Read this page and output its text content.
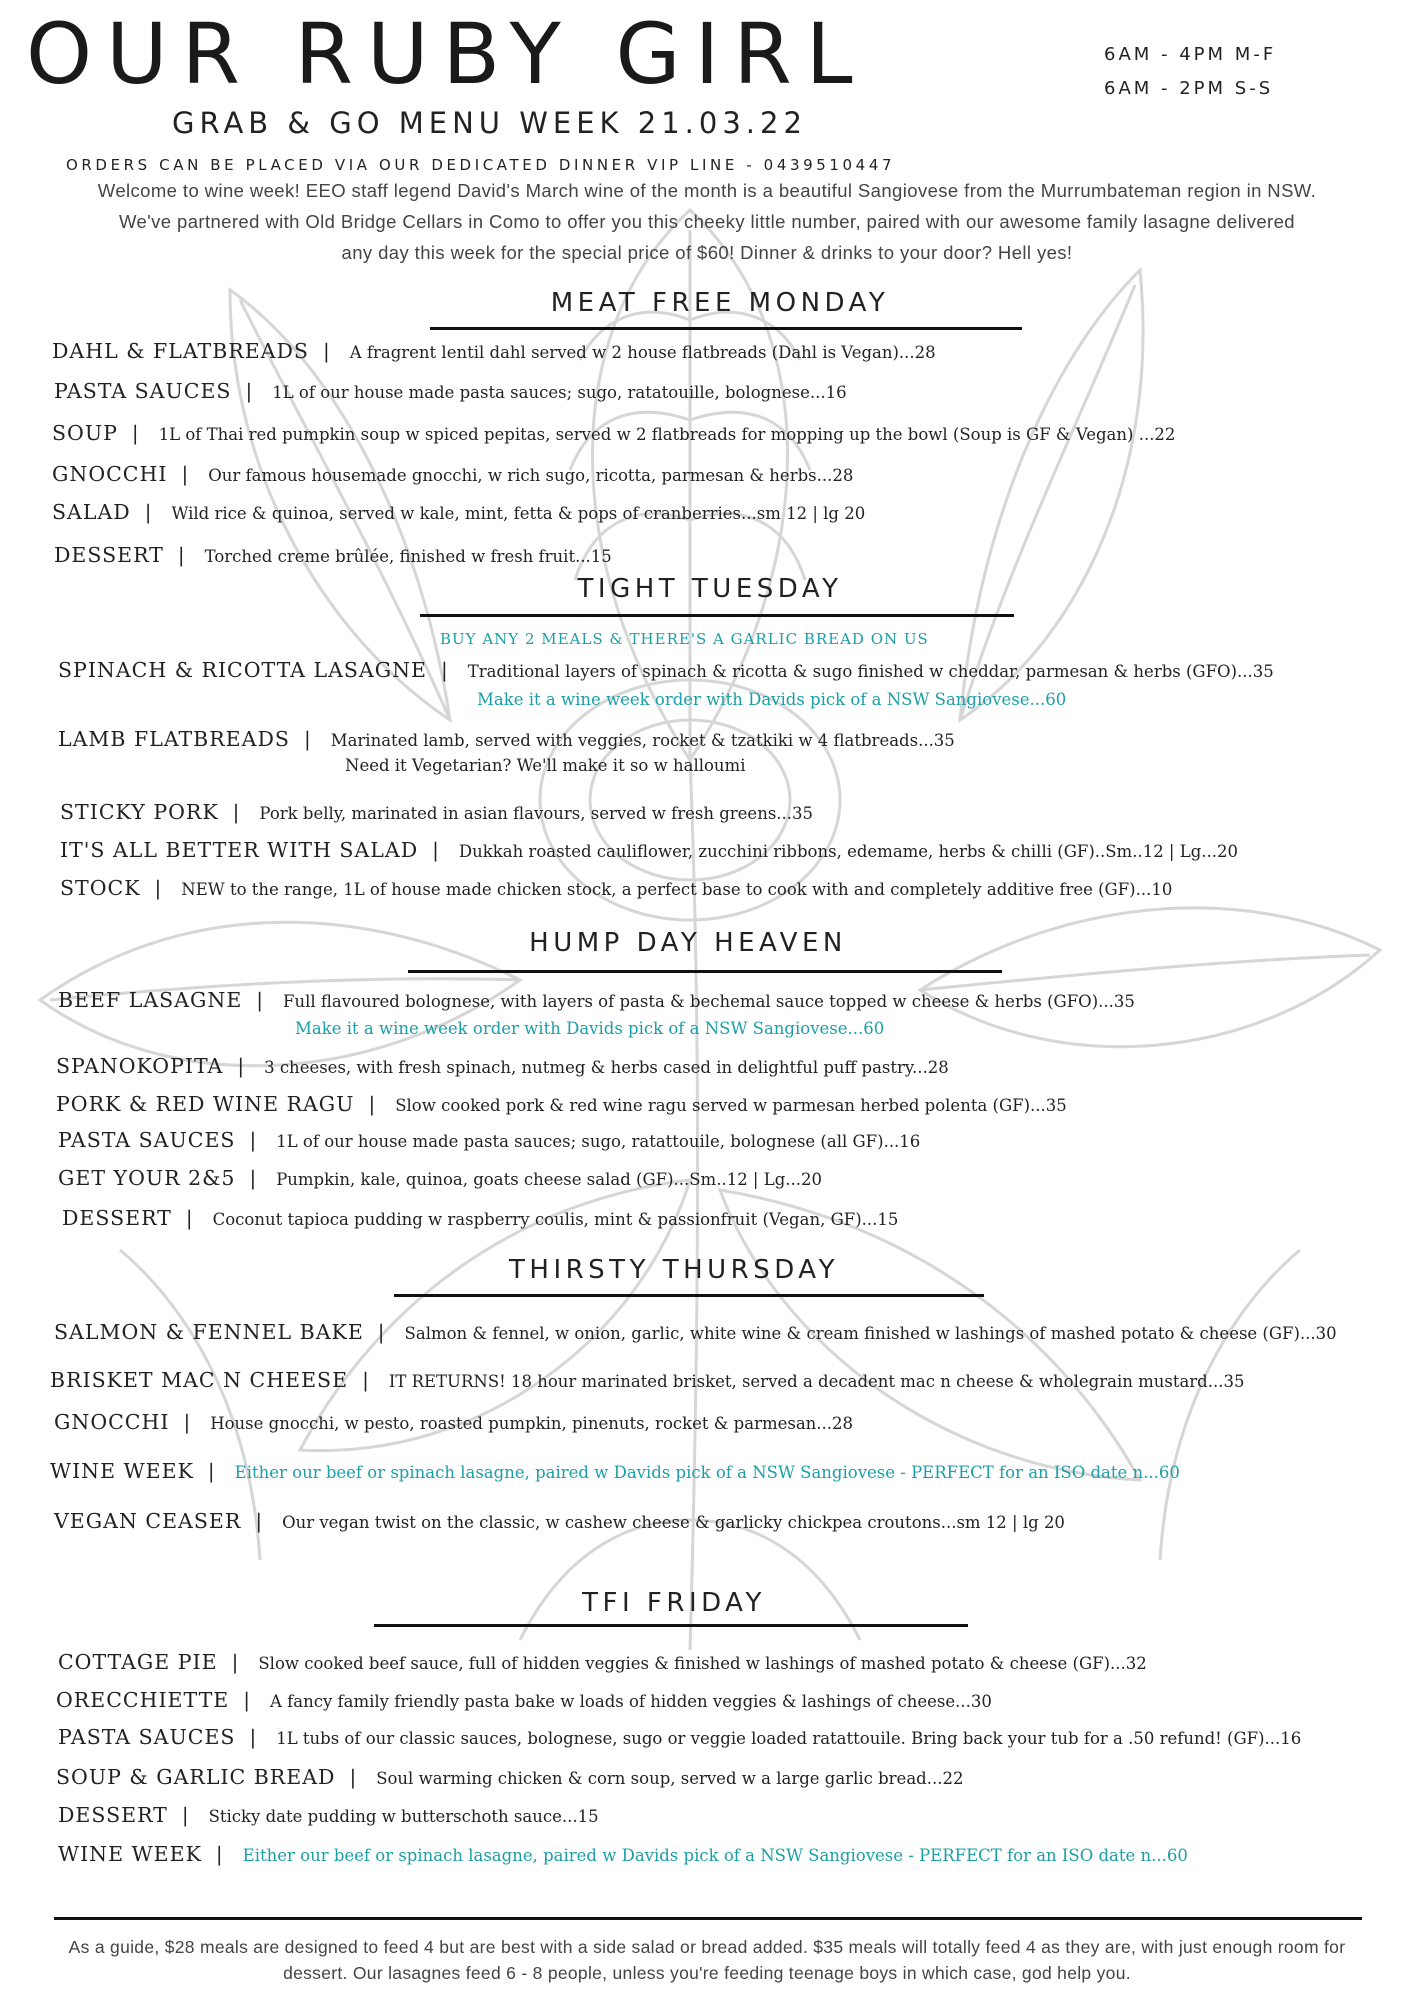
OUR RUBY GIRL	6AM - 4PM M-F
6AM - 2PM S-S
GRAB & GO MENU WEEK 21.03.22
ORDERS CAN BE PLACED VIA OUR DEDICATED DINNER VIP LINE - 0439510447
Welcome to wine week! EEO staff legend David's March wine of the month is a beautiful Sangiovese from the Murrumbateman region in NSW.
We've partnered with Old Bridge Cellars in Como to offer you this cheeky little number, paired with our awesome family lasagne delivered
any day this week for the special price of $60! Dinner & drinks to your door? Hell yes!
MEAT FREE MONDAY
DAHL & FLATBREADS | A fragrent lentil dahl served w 2 house flatbreads (Dahl is Vegan)...28
PASTA SAUCES | 1L of our house made pasta sauces; sugo, ratatouille, bolognese...16
SOUP | 1L of Thai red pumpkin soup w spiced pepitas, served w 2 flatbreads for mopping up the bowl (Soup is GF & Vegan) ...22
GNOCCHI | Our famous housemade gnocchi, w rich sugo, ricotta, parmesan & herbs...28
SALAD | Wild rice & quinoa, served w kale, mint, fetta & pops of cranberries...sm 12 | lg 20
DESSERT | Torched creme brûlée, finished w fresh fruit...15
TIGHT TUESDAY
BUY ANY 2 MEALS & THERE'S A GARLIC BREAD ON US
SPINACH & RICOTTA LASAGNE | Traditional layers of spinach & ricotta & sugo finished w cheddar, parmesan & herbs (GFO)...35
Make it a wine week order with Davids pick of a NSW Sangiovese...60
LAMB FLATBREADS | Marinated lamb, served with veggies, rocket & tzatkiki w 4 flatbreads...35
Need it Vegetarian? We'll make it so w halloumi
STICKY PORK | Pork belly, marinated in asian flavours, served w fresh greens...35
IT'S ALL BETTER WITH SALAD | Dukkah roasted cauliflower, zucchini ribbons, edemame, herbs & chilli (GF)..Sm..12 | Lg...20
STOCK | NEW to the range, 1L of house made chicken stock, a perfect base to cook with and completely additive free (GF)...10
HUMP DAY HEAVEN
BEEF LASAGNE | Full flavoured bolognese, with layers of pasta & bechemal sauce topped w cheese & herbs (GFO)...35
Make it a wine week order with Davids pick of a NSW Sangiovese...60
SPANOKOPITA | 3 cheeses, with fresh spinach, nutmeg & herbs cased in delightful puff pastry...28
PORK & RED WINE RAGU | Slow cooked pork & red wine ragu served w parmesan herbed polenta (GF)...35
PASTA SAUCES | 1L of our house made pasta sauces; sugo, ratattouile, bolognese (all GF)...16
GET YOUR 2&5 | Pumpkin, kale, quinoa, goats cheese salad (GF)...Sm..12 | Lg...20
DESSERT | Coconut tapioca pudding w raspberry coulis, mint & passionfruit (Vegan, GF)...15
THIRSTY THURSDAY
SALMON & FENNEL BAKE | Salmon & fennel, w onion, garlic, white wine & cream finished w lashings of mashed potato & cheese (GF)...30
BRISKET MAC N CHEESE | IT RETURNS! 18 hour marinated brisket, served a decadent mac n cheese & wholegrain mustard...35
GNOCCHI | House gnocchi, w pesto, roasted pumpkin, pinenuts, rocket & parmesan...28
WINE WEEK | Either our beef or spinach lasagne, paired w Davids pick of a NSW Sangiovese - PERFECT for an ISO date n...60
VEGAN CEASER | Our vegan twist on the classic, w cashew cheese & garlicky chickpea croutons...sm 12 | lg 20
TFI FRIDAY
COTTAGE PIE | Slow cooked beef sauce, full of hidden veggies & finished w lashings of mashed potato & cheese (GF)...32
ORECCHIETTE | A fancy family friendly pasta bake w loads of hidden veggies & lashings of cheese...30
PASTA SAUCES | 1L tubs of our classic sauces, bolognese, sugo or veggie loaded ratattouile. Bring back your tub for a .50 refund! (GF)...16
SOUP & GARLIC BREAD | Soul warming chicken & corn soup, served w a large garlic bread...22
DESSERT | Sticky date pudding w butterschoth sauce...15
WINE WEEK | Either our beef or spinach lasagne, paired w Davids pick of a NSW Sangiovese - PERFECT for an ISO date n...60
As a guide, $28 meals are designed to feed 4 but are best with a side salad or bread added. $35 meals will totally feed 4 as they are, with just enough room for
dessert. Our lasagnes feed 6 - 8 people, unless you're feeding teenage boys in which case, god help you.
